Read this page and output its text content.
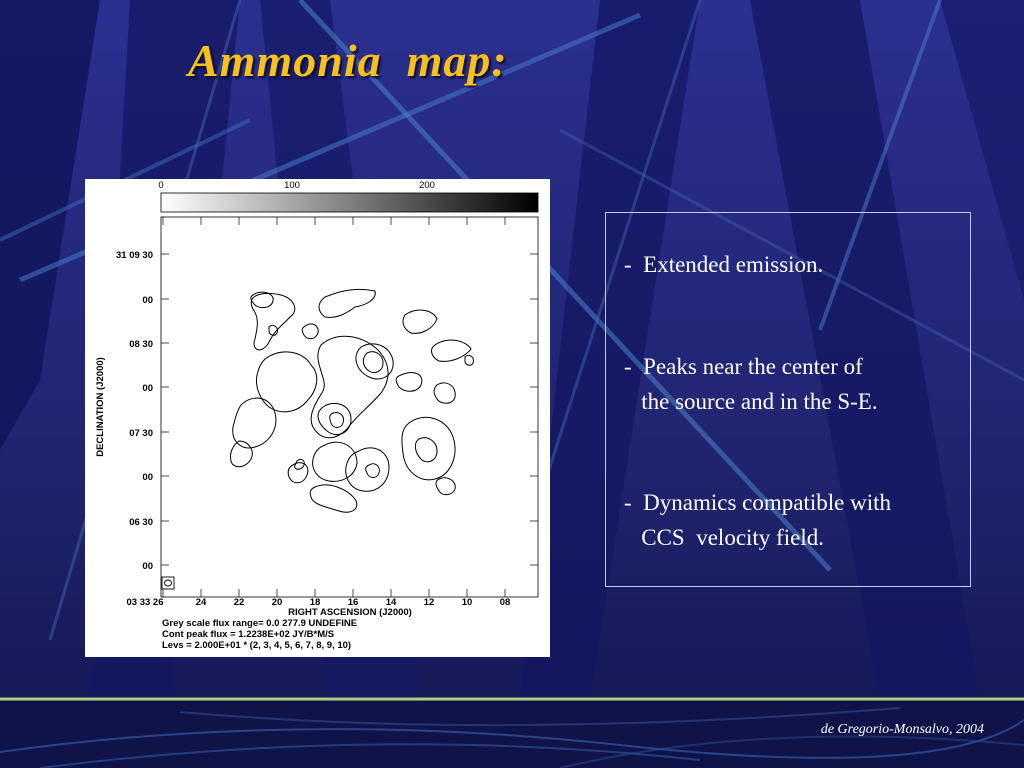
Ammonia  map:
0	100	200
31 09 30
00
08 30
00
07 30
00
06 30
00
DECLINATION (J2000)
03 33 26	24	22	20	18	16	14	12	10	08
RIGHT ASCENSION (J2000)
Grey scale flux range= 0.0 277.9 UNDEFINE
Cont peak flux = 1.2238E+02 JY/B*M/S
Levs = 2.000E+01 * (2, 3, 4, 5, 6, 7, 8, 9, 10)

-  Extended emission.

-  Peaks near the center of
the source and in the S-E.

-  Dynamics compatible with
CCS  velocity field.

de Gregorio-Monsalvo, 2004
